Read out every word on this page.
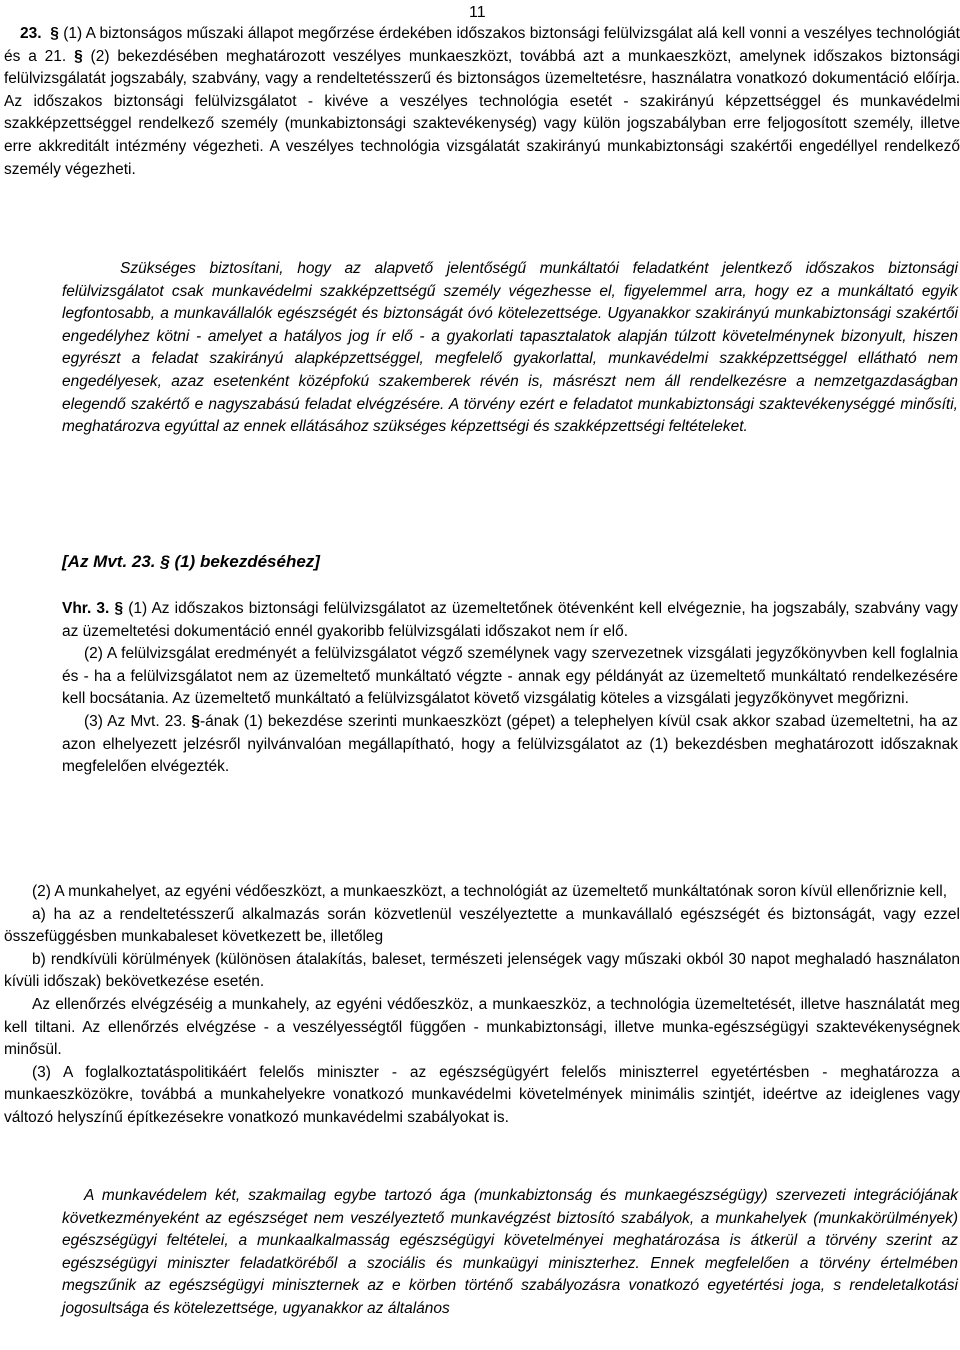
11

23. § (1) A biztonságos műszaki állapot megőrzése érdekében időszakos biztonsági felülvizsgálat alá kell vonni a veszélyes technológiát és a 21. § (2) bekezdésében meghatározott veszélyes munkaeszközt, továbbá azt a munkaeszközt, amelynek időszakos biztonsági felülvizsgálatát jogszabály, szabvány, vagy a rendeltetésszerű és biztonságos üzemeltetésre, használatra vonatkozó dokumentáció előírja. Az időszakos biztonsági felülvizsgálatot - kivéve a veszélyes technológia esetét - szakirányú képzettséggel és munkavédelmi szakképzettséggel rendelkező személy (munkabiztonsági szaktevékenység) vagy külön jogszabályban erre feljogosított személy, illetve erre akkreditált intézmény végezheti. A veszélyes technológia vizsgálatát szakirányú munkabiztonsági szakértői engedéllyel rendelkező személy végezheti.

Szükséges biztosítani, hogy az alapvető jelentőségű munkáltatói feladatként jelentkező időszakos biztonsági felülvizsgálatot csak munkavédelmi szakképzettségű személy végezhesse el, figyelemmel arra, hogy ez a munkáltató egyik legfontosabb, a munkavállalók egészségét és biztonságát óvó kötelezettsége. Ugyanakkor szakirányú munkabiztonsági szakértői engedélyhez kötni - amelyet a hatályos jog ír elő - a gyakorlati tapasztalatok alapján túlzott követelménynek bizonyult, hiszen egyrészt a feladat szakirányú alapképzettséggel, megfelelő gyakorlattal, munkavédelmi szakképzettséggel ellátható nem engedélyesek, azaz esetenként középfokú szakemberek révén is, másrészt nem áll rendelkezésre a nemzetgazdaságban elegendő szakértő e nagyszabású feladat elvégzésére. A törvény ezért e feladatot munkabiztonsági szaktevékenységgé minősíti, meghatározva egyúttal az ennek ellátásához szükséges képzettségi és szakképzettségi feltételeket.

[Az Mvt. 23. § (1) bekezdéséhez]

Vhr. 3. § (1) Az időszakos biztonsági felülvizsgálatot az üzemeltetőnek ötévenként kell elvégeznie, ha jogszabály, szabvány vagy az üzemeltetési dokumentáció ennél gyakoribb felülvizsgálati időszakot nem ír elő.

(2) A felülvizsgálat eredményét a felülvizsgálatot végző személynek vagy szervezetnek vizsgálati jegyzőkönyvben kell foglalnia és - ha a felülvizsgálatot nem az üzemeltető munkáltató végzte - annak egy példányát az üzemeltető munkáltató rendelkezésére kell bocsátania. Az üzemeltető munkáltató a felülvizsgálatot követő vizsgálatig köteles a vizsgálati jegyzőkönyvet megőrizni.

(3) Az Mvt. 23. §-ának (1) bekezdése szerinti munkaeszközt (gépet) a telephelyen kívül csak akkor szabad üzemeltetni, ha az azon elhelyezett jelzésről nyilvánvalóan megállapítható, hogy a felülvizsgálatot az (1) bekezdésben meghatározott időszaknak megfelelően elvégezték.

(2) A munkahelyet, az egyéni védőeszközt, a munkaeszközt, a technológiát az üzemeltető munkáltatónak soron kívül ellenőriznie kell,

a) ha az a rendeltetésszerű alkalmazás során közvetlenül veszélyeztette a munkavállaló egészségét és biztonságát, vagy ezzel összefüggésben munkabaleset következett be, illetőleg

b) rendkívüli körülmények (különösen átalakítás, baleset, természeti jelenségek vagy műszaki okból 30 napot meghaladó használaton kívüli időszak) bekövetkezése esetén.

Az ellenőrzés elvégzéséig a munkahely, az egyéni védőeszköz, a munkaeszköz, a technológia üzemeltetését, illetve használatát meg kell tiltani. Az ellenőrzés elvégzése - a veszélyességtől függően - munkabiztonsági, illetve munka-egészségügyi szaktevékenységnek minősül.

(3) A foglalkoztatáspolitikáért felelős miniszter - az egészségügyért felelős miniszterrel egyetértésben - meghatározza a munkaeszközökre, továbbá a munkahelyekre vonatkozó munkavédelmi követelmények minimális szintjét, ideértve az ideiglenes vagy változó helyszínű építkezésekre vonatkozó munkavédelmi szabályokat is.

A munkavédelem két, szakmailag egybe tartozó ága (munkabiztonság és munkaegészségügy) szervezeti integrációjának következményeként az egészséget nem veszélyeztető munkavégzést biztosító szabályok, a munkahelyek (munkakörülmények) egészségügyi feltételei, a munkaalkalmasság egészségügyi követelményei meghatározása is átkerül a törvény szerint az egészségügyi miniszter feladatköréből a szociális és munkaügyi miniszterhez. Ennek megfelelően a törvény értelmében megszűnik az egészségügyi miniszternek az e körben történő szabályozásra vonatkozó egyetértési joga, s rendeletalkotási jogosultsága és kötelezettsége, ugyanakkor az általános
